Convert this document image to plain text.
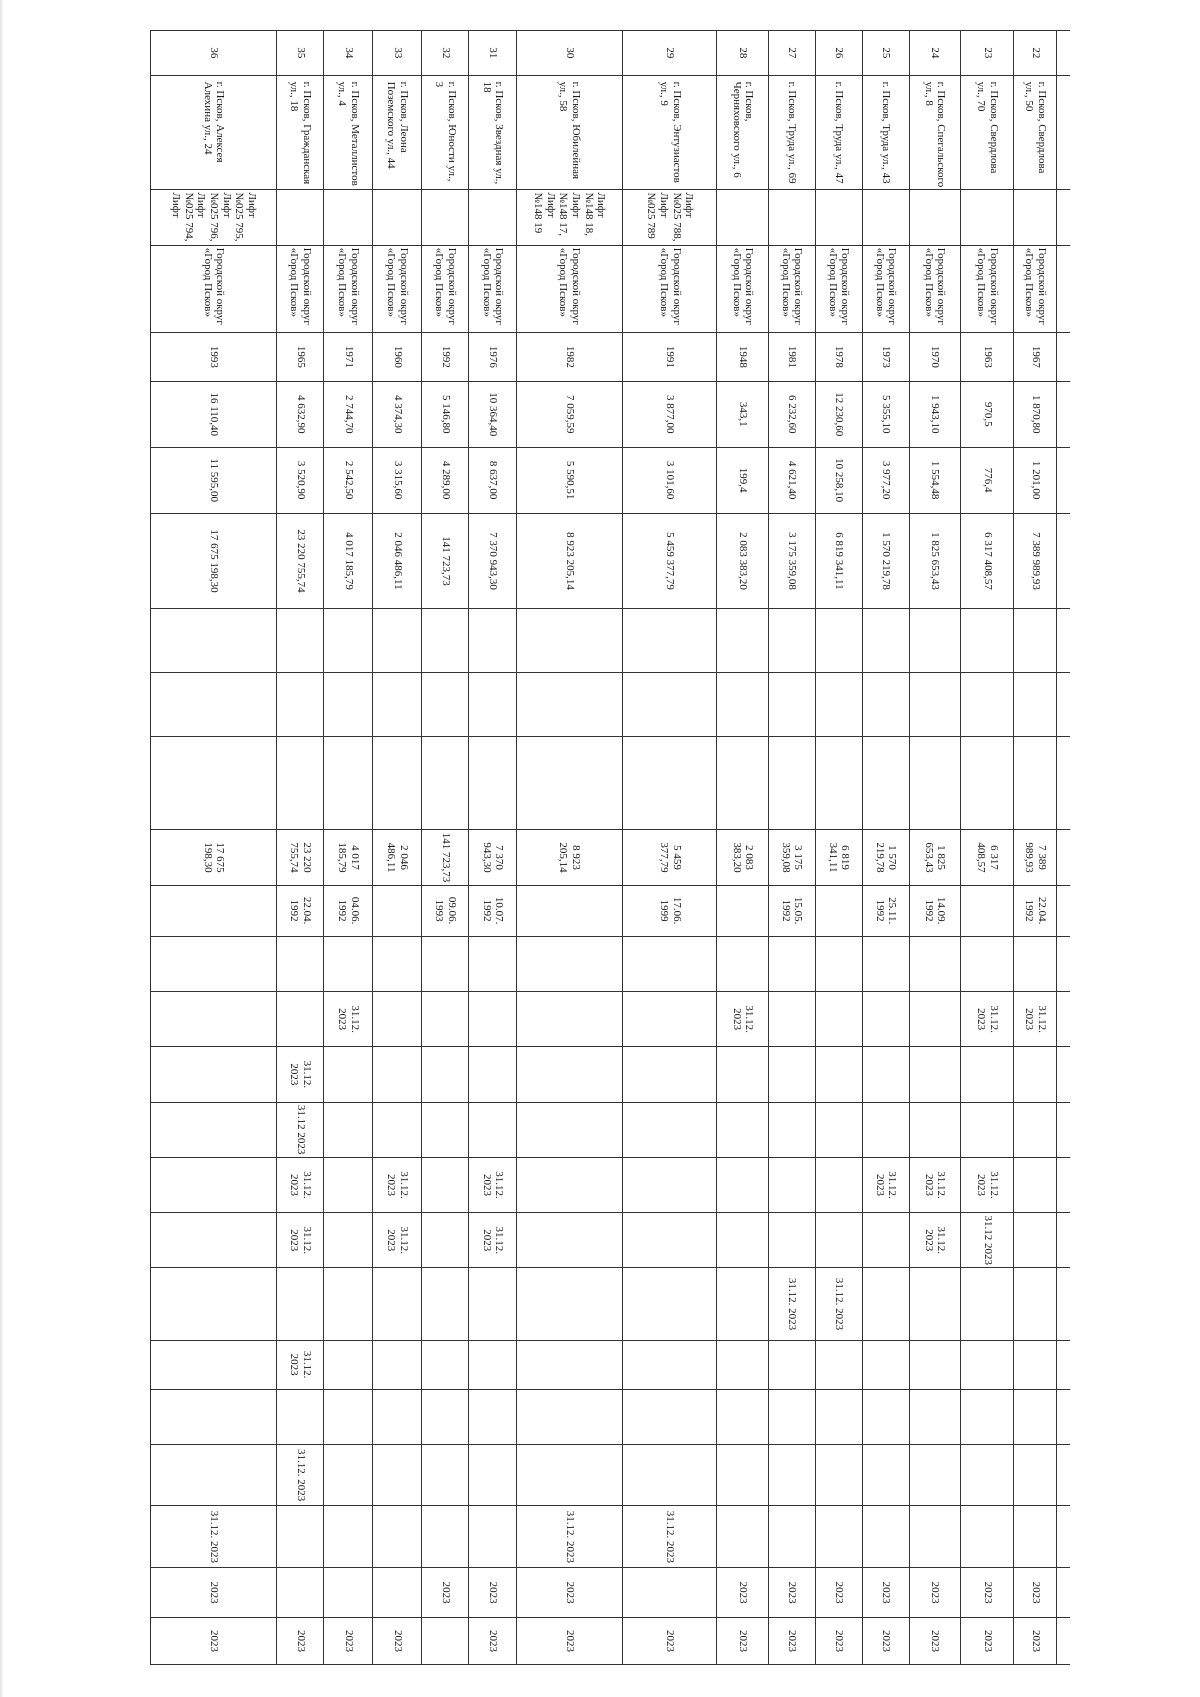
22	г. Псков, Свердлова ул., 50		Городской округ «Город Псков»	1967	1 870,80	1 201,00	7 389 989,93				7 389 989,93	22.04. 1992		31.12. 2023										2023	2023
23	г. Псков, Свердлова ул., 70		Городской округ «Город Псков»	1963	970,5	776,4	6 317 408,57				6 317 408,57			31.12. 2023			31.12. 2023	31.12 2023						2023	2023
24	г. Псков, Спегальского ул., 8		Городской округ «Город Псков»	1970	1 943,10	1 554,48	1 825 653,43				1 825 653,43	14.09. 1992					31.12. 2023	31.12. 2023						2023	2023
25	г. Псков, Труда ул., 43		Городской округ «Город Псков»	1973	5 355,10	3 977,20	1 570 219,78				1 570 219,78	25.11. 1992					31.12. 2023							2023	2023
26	г. Псков, Труда ул., 47		Городской округ «Город Псков»	1978	12 230,60	10 258,10	6 819 341,11				6 819 341,11								31.12. 2023					2023	2023
27	г. Псков, Труда ул., 69		Городской округ «Город Псков»	1981	6 232,60	4 621,40	3 175 359,08				3 175 359,08	15.05. 1992							31.12. 2023					2023	2023
28	г. Псков, Черняховского ул., 6		Городской округ «Город Псков»	1948	343,1	199,4	2 083 383,20				2 083 383,20			31.12. 2023										2023	2023
29	г. Псков, Энтузиастов ул., 9	Лифт №025 788, Лифт №025 789	Городской округ «Город Псков»	1991	3 877,00	3 101,60	5 459 377,79				5 459 377,79	17.06. 1999											31.12. 2023		2023
30	г. Псков, Юбилейная ул., 58	Лифт №148 18, Лифт №148 17, Лифт №148 19	Городской округ «Город Псков»	1982	7 059,59	5 590,51	8 923 205,14				8 923 205,14												31.12. 2023	2023	2023
31	г. Псков, Звездная ул., 18		Городской округ «Город Псков»	1976	10 364,40	8 637,00	7 370 943,30				7 370 943,30	10.07. 1992					31.12. 2023	31.12. 2023						2023	2023
32	г. Псков, Юности ул., 3		Городской округ «Город Псков»	1992	5 146,80	4 289,00	141 723,73				141 723,73	09.06. 1993												2023	
33	г. Псков, Леона Поземского ул., 44		Городской округ «Город Псков»	1960	4 374,30	3 315,60	2 046 486,11				2 046 486,11						31.12. 2023	31.12. 2023							2023
34	г. Псков, Металлистов ул., 4		Городской округ «Город Псков»	1971	2 744,70	2 542,50	4 017 185,79				4 017 185,79	04.06. 1992		31.12. 2023											2023
35	г. Псков, Гражданская ул., 18		Городской округ «Город Псков»	1965	4 632,90	3 520,90	23 220 755,74				23 220 755,74	22.04. 1992			31.12. 2023	31.12 2023	31.12. 2023	31.12. 2023		31.12. 2023		31.12. 2023			2023
36	г. Псков, Алексея Алехина ул., 24	Лифт №025 795, Лифт №025 796, Лифт №025 794, Лифт	Городской округ «Город Псков»	1993	16 110,40	11 595,00	17 675 198,30				17 675 198,30												31.12. 2023	2023	2023
